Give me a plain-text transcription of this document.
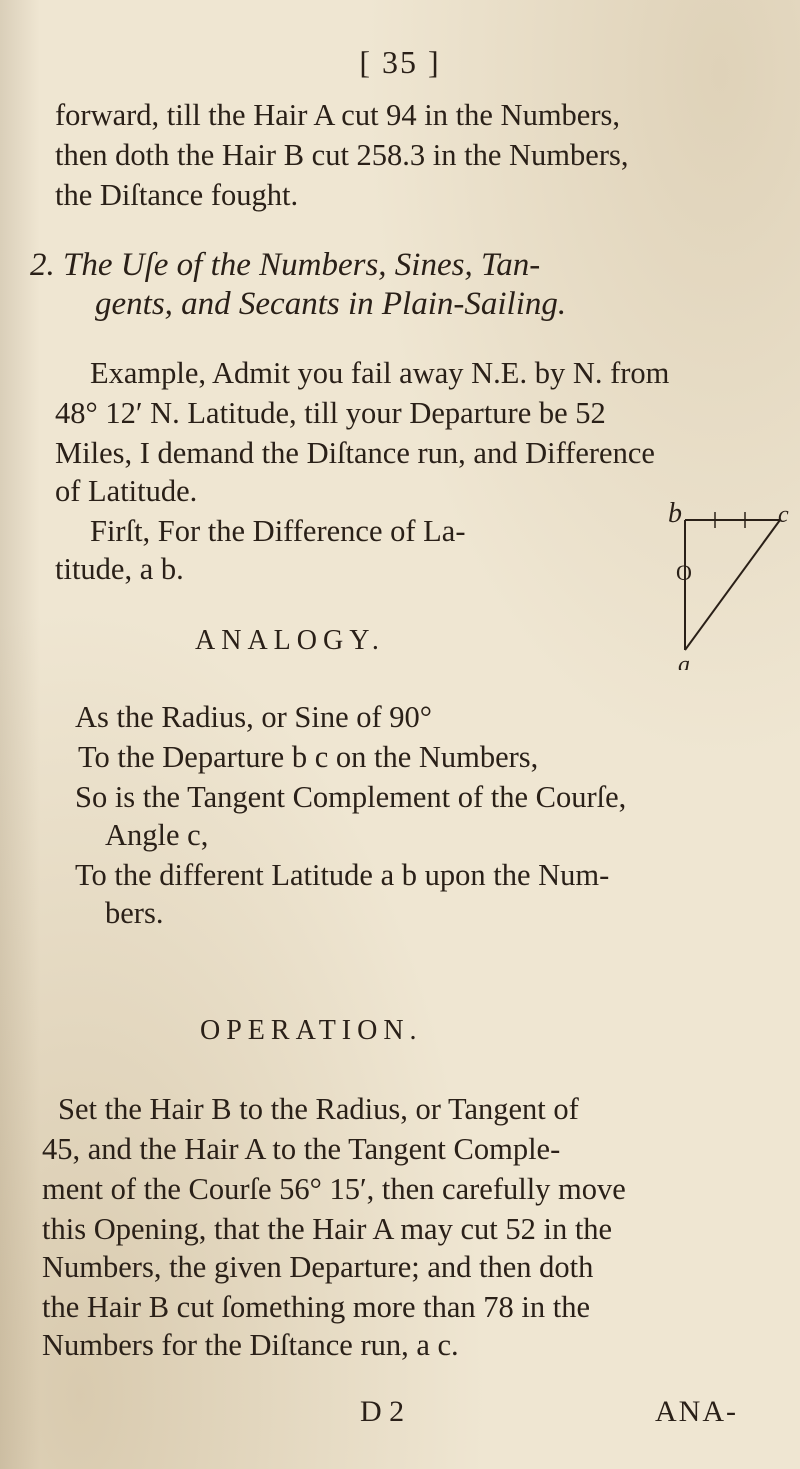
[ 35 ]
forward, till the Hair A cut 94 in the Numbers,
then doth the Hair B cut 258.3 in the Numbers,
the Diſtance fought.
2. The Uſe of the Numbers, Sines, Tan-
gents, and Secants in Plain-Sailing.
Example, Admit you fail away N.E. by N. from
48° 12′ N. Latitude, till your Departure be 52
Miles, I demand the Diſtance run, and Difference
of Latitude.
Firſt, For the Difference of La-
titude, a b.
b	c
O
a
ANALOGY.
As the Radius, or Sine of 90°
To the Departure b c on the Numbers,
So is the Tangent Complement of the Courſe,
Angle c,
To the different Latitude a b upon the Num-
bers.
OPERATION.
Set the Hair B to the Radius, or Tangent of
45, and the Hair A to the Tangent Comple-
ment of the Courſe 56° 15′, then carefully move
this Opening, that the Hair A may cut 52 in the
Numbers, the given Departure; and then doth
the Hair B cut ſomething more than 78 in the
Numbers for the Diſtance run, a c.
D 2	ANA-
